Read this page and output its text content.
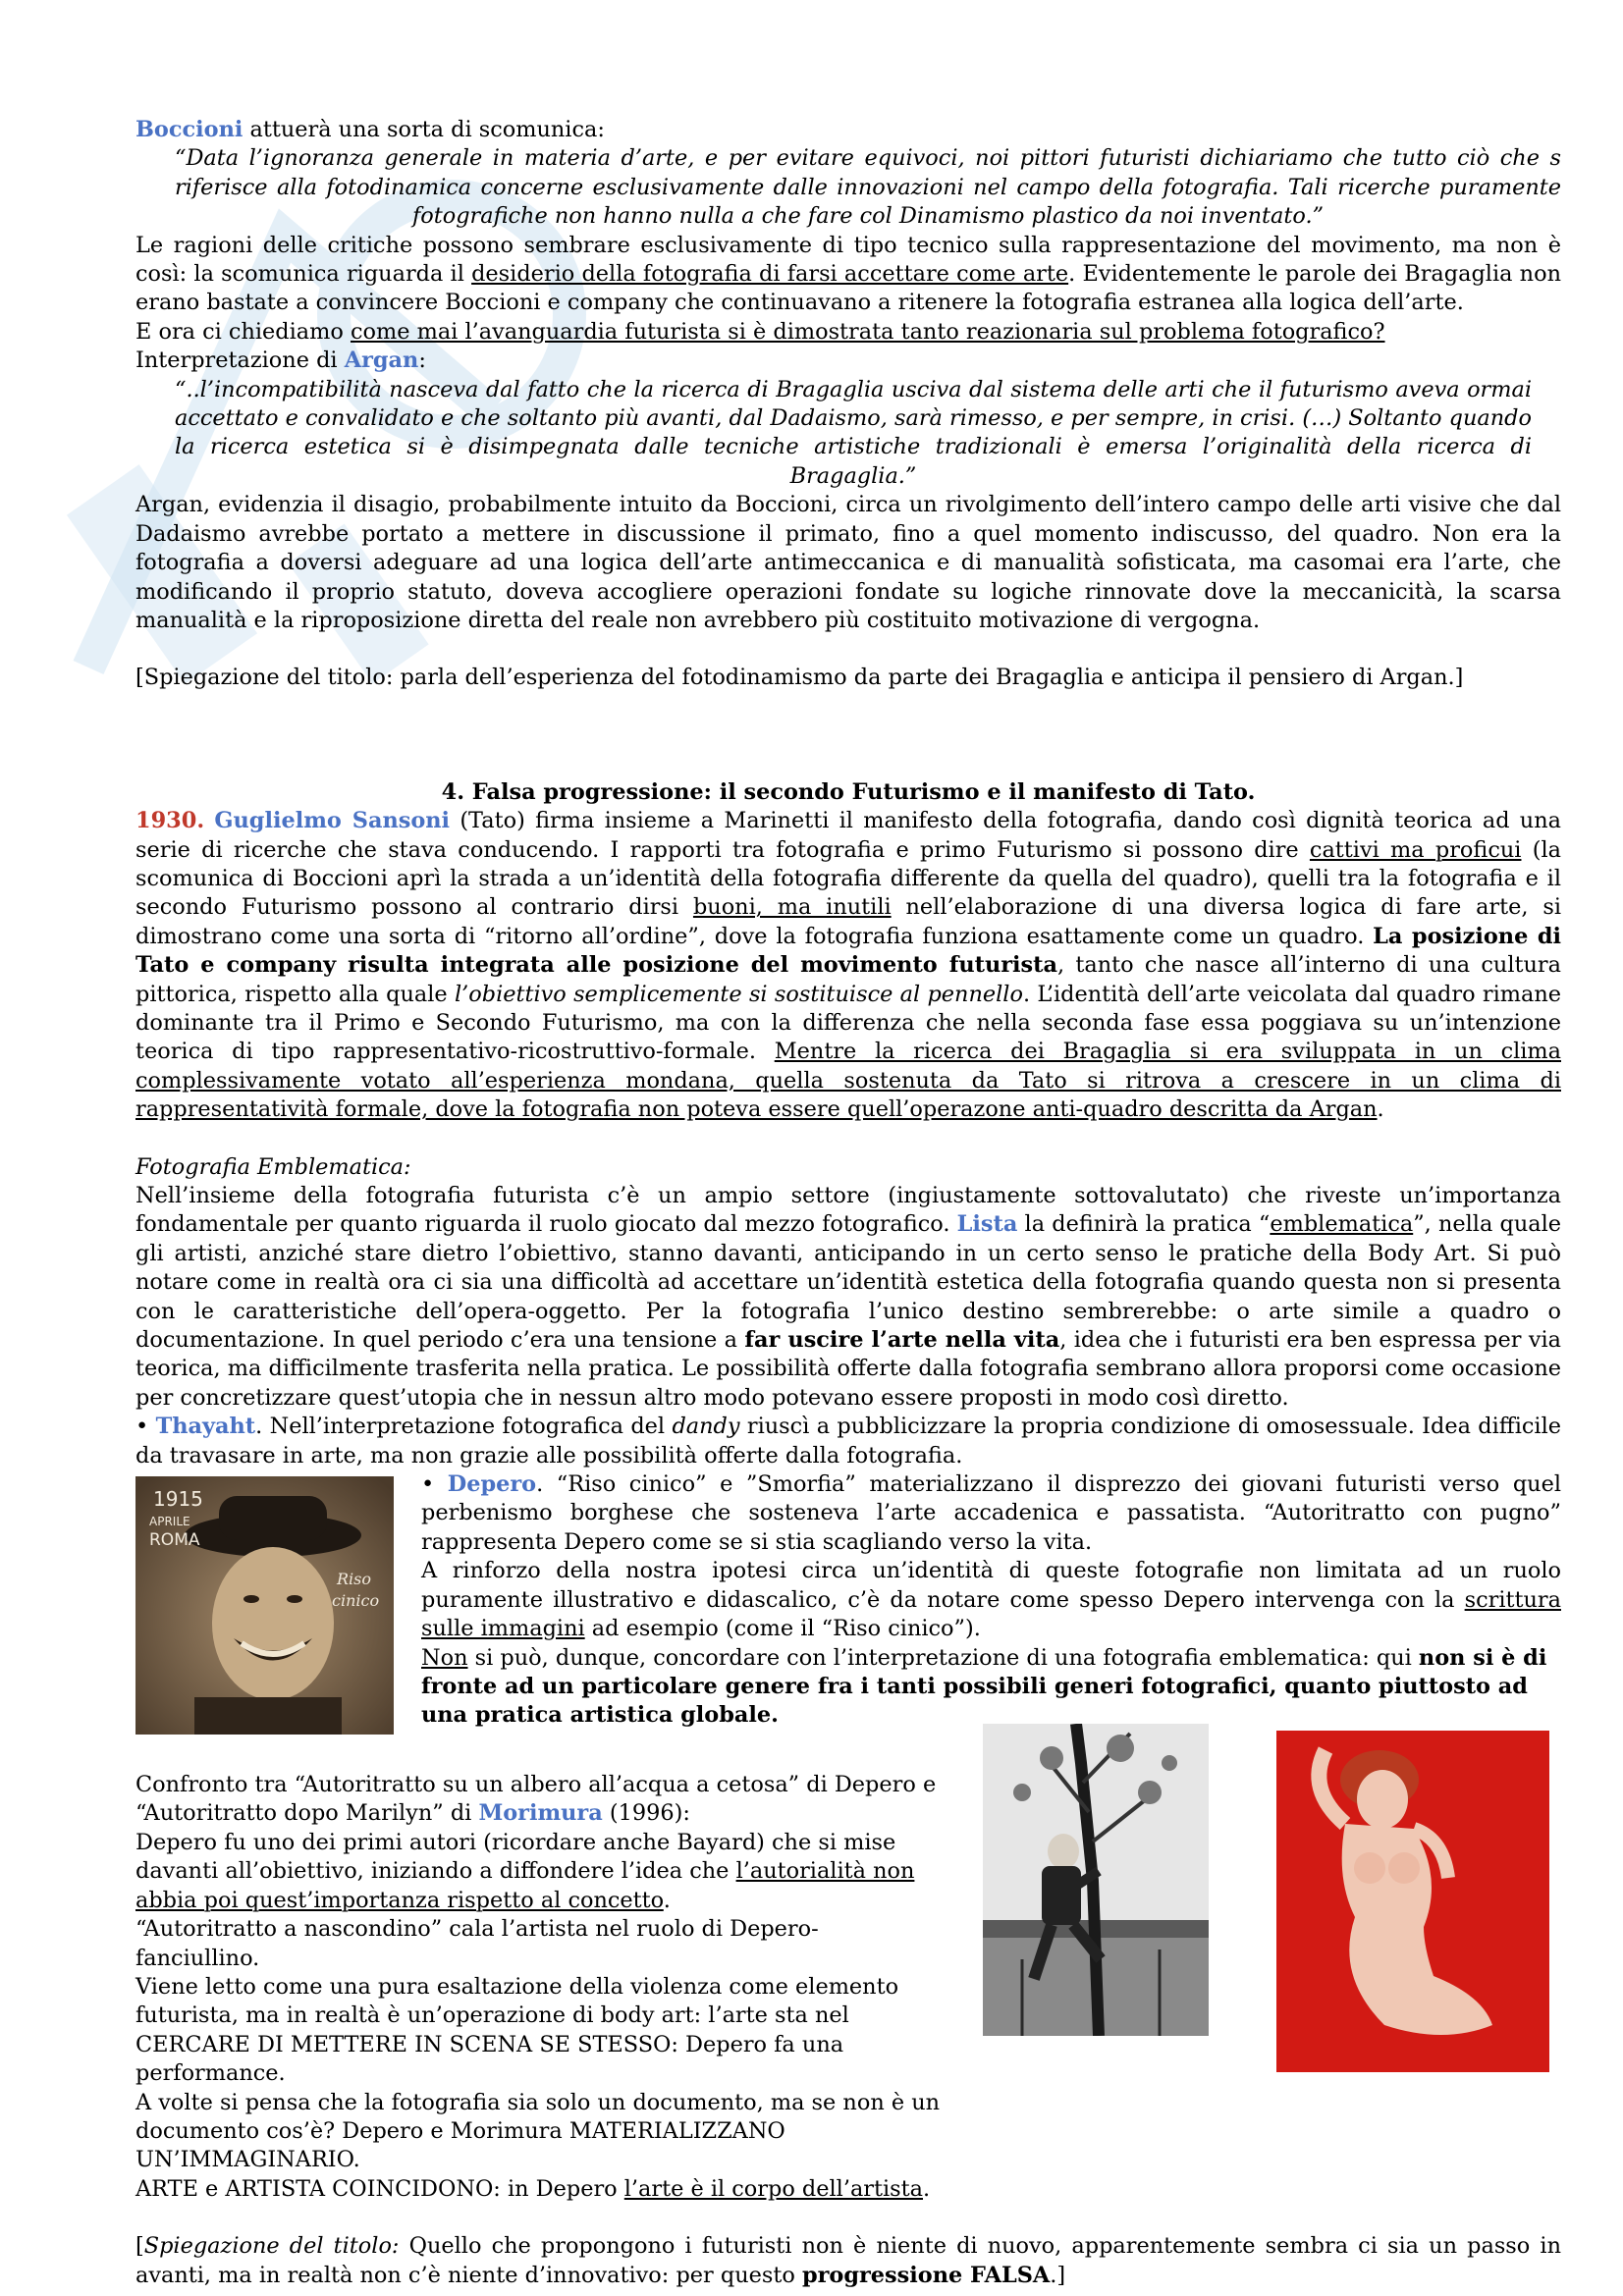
Boccioni attuerà una sorta di scomunica:

“Data l’ignoranza generale in materia d’arte, e per evitare equivoci, noi pittori futuristi dichiariamo che tutto ciò che s riferisce alla fotodinamica concerne esclusivamente dalle innovazioni nel campo della fotografia. Tali ricerche puramente fotografiche non hanno nulla a che fare col Dinamismo plastico da noi inventato.”

Le ragioni delle critiche possono sembrare esclusivamente di tipo tecnico sulla rappresentazione del movimento, ma non è così: la scomunica riguarda il desiderio della fotografia di farsi accettare come arte. Evidentemente le parole dei Bragaglia non erano bastate a convincere Boccioni e company che continuavano a ritenere la fotografia estranea alla logica dell’arte.

E ora ci chiediamo come mai l’avanguardia futurista si è dimostrata tanto reazionaria sul problema fotografico?

Interpretazione di Argan:

“..l’incompatibilità nasceva dal fatto che la ricerca di Bragaglia usciva dal sistema delle arti che il futurismo aveva ormai accettato e convalidato e che soltanto più avanti, dal Dadaismo, sarà rimesso, e per sempre, in crisi. (…) Soltanto quando la ricerca estetica si è disimpegnata dalle tecniche artistiche tradizionali è emersa l’originalità della ricerca di Bragaglia.”

Argan, evidenzia il disagio, probabilmente intuito da Boccioni, circa un rivolgimento dell’intero campo delle arti visive che dal Dadaismo avrebbe portato a mettere in discussione il primato, fino a quel momento indiscusso, del quadro. Non era la fotografia a doversi adeguare ad una logica dell’arte antimeccanica e di manualità sofisticata, ma casomai era l’arte, che modificando il proprio statuto, doveva accogliere operazioni fondate su logiche rinnovate dove la meccanicità, la scarsa manualità e la riproposizione diretta del reale non avrebbero più costituito motivazione di vergogna.

[Spiegazione del titolo: parla dell’esperienza del fotodinamismo da parte dei Bragaglia e anticipa il pensiero di Argan.]

4. Falsa progressione: il secondo Futurismo e il manifesto di Tato.

1930. Guglielmo Sansoni (Tato) firma insieme a Marinetti il manifesto della fotografia, dando così dignità teorica ad una serie di ricerche che stava conducendo. I rapporti tra fotografia e primo Futurismo si possono dire cattivi ma proficui (la scomunica di Boccioni aprì la strada a un’identità della fotografia differente da quella del quadro), quelli tra la fotografia e il secondo Futurismo possono al contrario dirsi buoni, ma inutili nell’elaborazione di una diversa logica di fare arte, si dimostrano come una sorta di “ritorno all’ordine”, dove la fotografia funziona esattamente come un quadro. La posizione di Tato e company risulta integrata alle posizione del movimento futurista, tanto che nasce all’interno di una cultura pittorica, rispetto alla quale l’obiettivo semplicemente si sostituisce al pennello. L’identità dell’arte veicolata dal quadro rimane dominante tra il Primo e Secondo Futurismo, ma con la differenza che nella seconda fase essa poggiava su un’intenzione teorica di tipo rappresentativo-ricostruttivo-formale. Mentre la ricerca dei Bragaglia si era sviluppata in un clima complessivamente votato all’esperienza mondana, quella sostenuta da Tato si ritrova a crescere in un clima di rappresentatività formale, dove la fotografia non poteva essere quell’operazone anti-quadro descritta da Argan.

Fotografia Emblematica:

Nell’insieme della fotografia futurista c’è un ampio settore (ingiustamente sottovalutato) che riveste un’importanza fondamentale per quanto riguarda il ruolo giocato dal mezzo fotografico. Lista la definirà la pratica “emblematica”, nella quale gli artisti, anziché stare dietro l’obiettivo, stanno davanti, anticipando in un certo senso le pratiche della Body Art. Si può notare come in realtà ora ci sia una difficoltà ad accettare un’identità estetica della fotografia quando questa non si presenta con le caratteristiche dell’opera-oggetto. Per la fotografia l’unico destino sembrerebbe: o arte simile a quadro o documentazione. In quel periodo c’era una tensione a far uscire l’arte nella vita, idea che i futuristi era ben espressa per via teorica, ma difficilmente trasferita nella pratica. Le possibilità offerte dalla fotografia sembrano allora proporsi come occasione per concretizzare quest’utopia che in nessun altro modo potevano essere proposti in modo così diretto.

• Thayaht. Nell’interpretazione fotografica del dandy riuscì a pubblicizzare la propria condizione di omosessuale. Idea difficile da travasare in arte, ma non grazie alle possibilità offerte dalla fotografia.

1915
APRILE
ROMA
Riso
cinico

• Depero. “Riso cinico” e ”Smorfia” materializzano il disprezzo dei giovani futuristi verso quel perbenismo borghese che sosteneva l’arte accadenica e passatista. “Autoritratto con pugno” rappresenta Depero come se si stia scagliando verso la vita.

A rinforzo della nostra ipotesi circa un’identità di queste fotografie non limitata ad un ruolo puramente illustrativo e didascalico, c’è da notare come spesso Depero intervenga con la scrittura sulle immagini ad esempio (come il “Riso cinico”).

Non si può, dunque, concordare con l’interpretazione di una fotografia emblematica: qui non si è di fronte ad un particolare genere fra i tanti possibili generi fotografici, quanto piuttosto ad una pratica artistica globale.

Confronto tra “Autoritratto su un albero all’acqua a cetosa” di Depero e “Autoritratto dopo Marilyn” di Morimura (1996):

Depero fu uno dei primi autori (ricordare anche Bayard) che si mise davanti all’obiettivo, iniziando a diffondere l’idea che l’autorialità non abbia poi quest’importanza rispetto al concetto.

“Autoritratto a nascondino” cala l’artista nel ruolo di Depero-fanciullino.

Viene letto come una pura esaltazione della violenza come elemento futurista, ma in realtà è un’operazione di body art: l’arte sta nel CERCARE DI METTERE IN SCENA SE STESSO: Depero fa una performance.

A volte si pensa che la fotografia sia solo un documento, ma se non è un documento cos’è? Depero e Morimura MATERIALIZZANO UN’IMMAGINARIO.

ARTE e ARTISTA COINCIDONO: in Depero l’arte è il corpo dell’artista.

[Spiegazione del titolo: Quello che propongono i futuristi non è niente di nuovo, apparentemente sembra ci sia un passo in avanti, ma in realtà non c’è niente d’innovativo: per questo progressione FALSA.]
